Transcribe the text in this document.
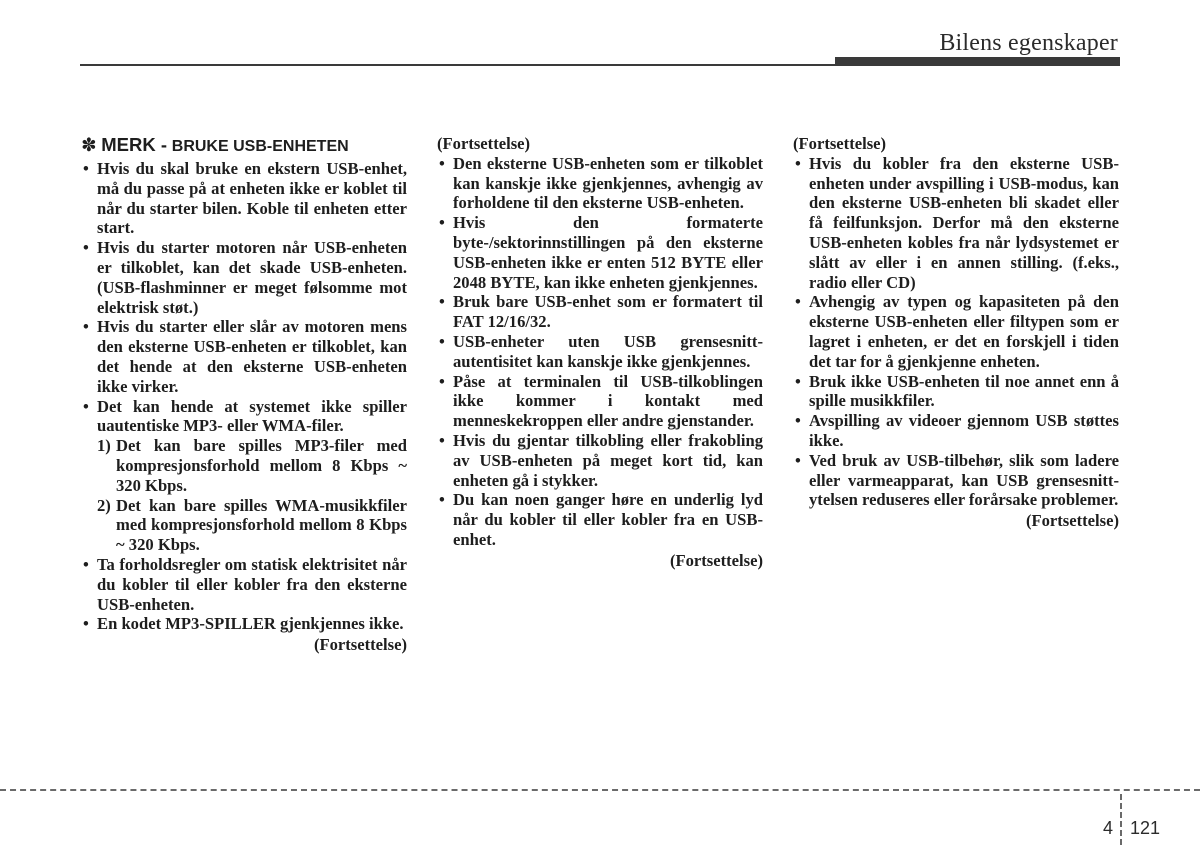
Bilens egenskaper
✽ MERK - BRUKE USB-ENHETEN
• Hvis du skal bruke en ekstern USB-enhet, må du passe på at enheten ikke er koblet til når du starter bilen. Koble til enheten etter start.
• Hvis du starter motoren når USB-enheten er tilkoblet, kan det skade USB-enheten. (USB-flashminner er meget følsomme mot elektrisk støt.)
• Hvis du starter eller slår av motoren mens den eksterne USB-enheten er tilkoblet, kan det hende at den eksterne USB-enheten ikke virker.
• Det kan hende at systemet ikke spiller uautentiske MP3- eller WMA-filer.
1) Det kan bare spilles MP3-filer med kompresjonsforhold mellom 8 Kbps ~ 320 Kbps.
2) Det kan bare spilles WMA-musikkfiler med kompresjonsforhold mellom 8 Kbps ~ 320 Kbps.
• Ta forholdsregler om statisk elektrisitet når du kobler til eller kobler fra den eksterne USB-enheten.
• En kodet MP3-SPILLER gjenkjennes ikke.
(Fortsettelse)
(Fortsettelse)
• Den eksterne USB-enheten som er tilkoblet kan kanskje ikke gjenkjennes, avhengig av forholdene til den eksterne USB-enheten.
• Hvis den formaterte byte-/sektorinnstillingen på den eksterne USB-enheten ikke er enten 512 BYTE eller 2048 BYTE, kan ikke enheten gjenkjennes.
• Bruk bare USB-enhet som er formatert til FAT 12/16/32.
• USB-enheter uten USB grensesnitt-autentisitet kan kanskje ikke gjenkjennes.
• Påse at terminalen til USB-tilkoblingen ikke kommer i kontakt med menneskekroppen eller andre gjenstander.
• Hvis du gjentar tilkobling eller frakobling av USB-enheten på meget kort tid, kan enheten gå i stykker.
• Du kan noen ganger høre en underlig lyd når du kobler til eller kobler fra en USB-enhet.
(Fortsettelse)
(Fortsettelse)
• Hvis du kobler fra den eksterne USB-enheten under avspilling i USB-modus, kan den eksterne USB-enheten bli skadet eller få feilfunksjon. Derfor må den eksterne USB-enheten kobles fra når lydsystemet er slått av eller i en annen stilling. (f.eks., radio eller CD)
• Avhengig av typen og kapasiteten på den eksterne USB-enheten eller filtypen som er lagret i enheten, er det en forskjell i tiden det tar for å gjenkjenne enheten.
• Bruk ikke USB-enheten til noe annet enn å spille musikkfiler.
• Avspilling av videoer gjennom USB støttes ikke.
• Ved bruk av USB-tilbehør, slik som ladere eller varmeapparat, kan USB grensesnitt-ytelsen reduseres eller forårsake problemer.
(Fortsettelse)
4 121
